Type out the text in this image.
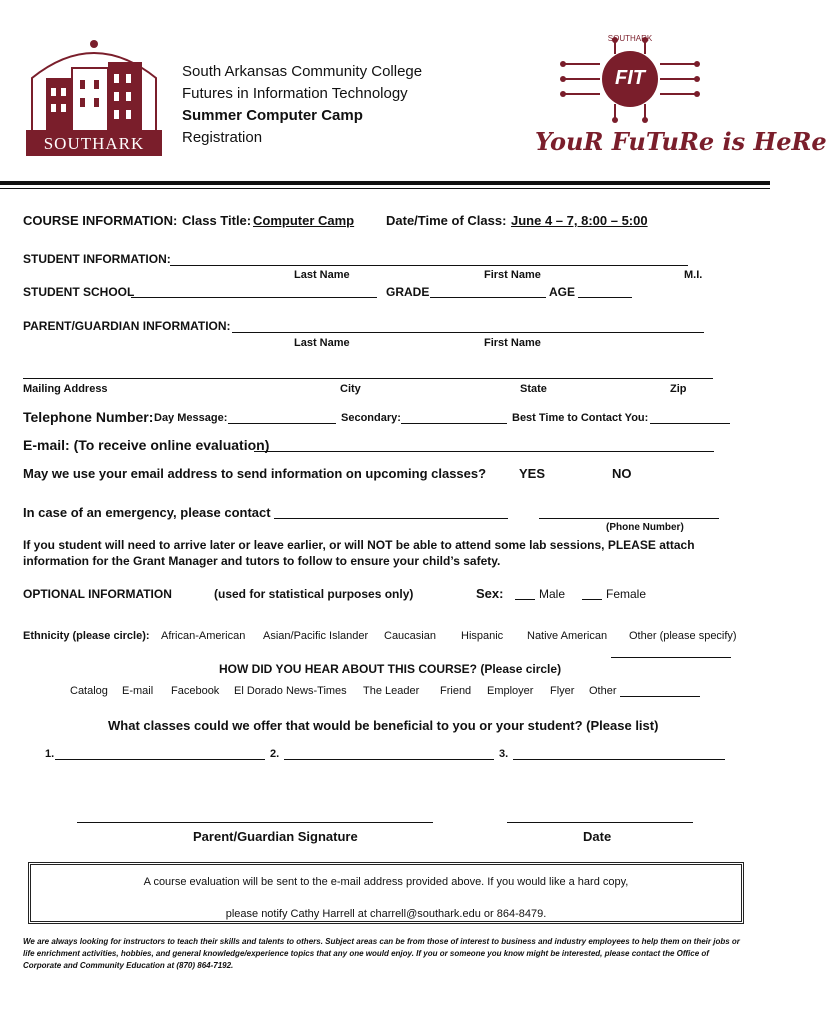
SOUTHARK
South Arkansas Community College
Futures in Information Technology
Summer Computer Camp
Registration
SOUTHARK
FIT
YouR FuTuRe is HeRe
COURSE INFORMATION: Class Title: Computer Camp Date/Time of Class: June 4 – 7, 8:00 – 5:00
STUDENT INFORMATION:
Last Name	First Name	M.I.
STUDENT SCHOOL	GRADE	AGE
PARENT/GUARDIAN INFORMATION:
Last Name	First Name
Mailing Address	City	State	Zip
Telephone Number: Day Message:	Secondary:	Best Time to Contact You:
E-mail: (To receive online evaluation)
May we use your email address to send information on upcoming classes?	YES	NO
In case of an emergency, please contact
(Phone Number)
If you student will need to arrive later or leave earlier, or will NOT be able to attend some lab sessions, PLEASE attach
information for the Grant Manager and tutors to follow to ensure your child’s safety.
OPTIONAL INFORMATION	(used for statistical purposes only)	Sex:	Male	Female
Ethnicity (please circle): African-American Asian/Pacific Islander Caucasian Hispanic Native American Other (please specify)
HOW DID YOU HEAR ABOUT THIS COURSE? (Please circle)
Catalog E-mail Facebook El Dorado News-Times The Leader Friend Employer Flyer Other
What classes could we offer that would be beneficial to you or your student? (Please list)
1.	2.	3.
Parent/Guardian Signature	Date
A course evaluation will be sent to the e-mail address provided above. If you would like a hard copy,
please notify Cathy Harrell at charrell@southark.edu or 864-8479.
We are always looking for instructors to teach their skills and talents to others. Subject areas can be from those of interest to business and industry employees to help them on their jobs or life enrichment activities, hobbies, and general knowledge/experience topics that any one would enjoy. If you or someone you know might be interested, please contact the Office of Corporate and Community Education at (870) 864-7192.
